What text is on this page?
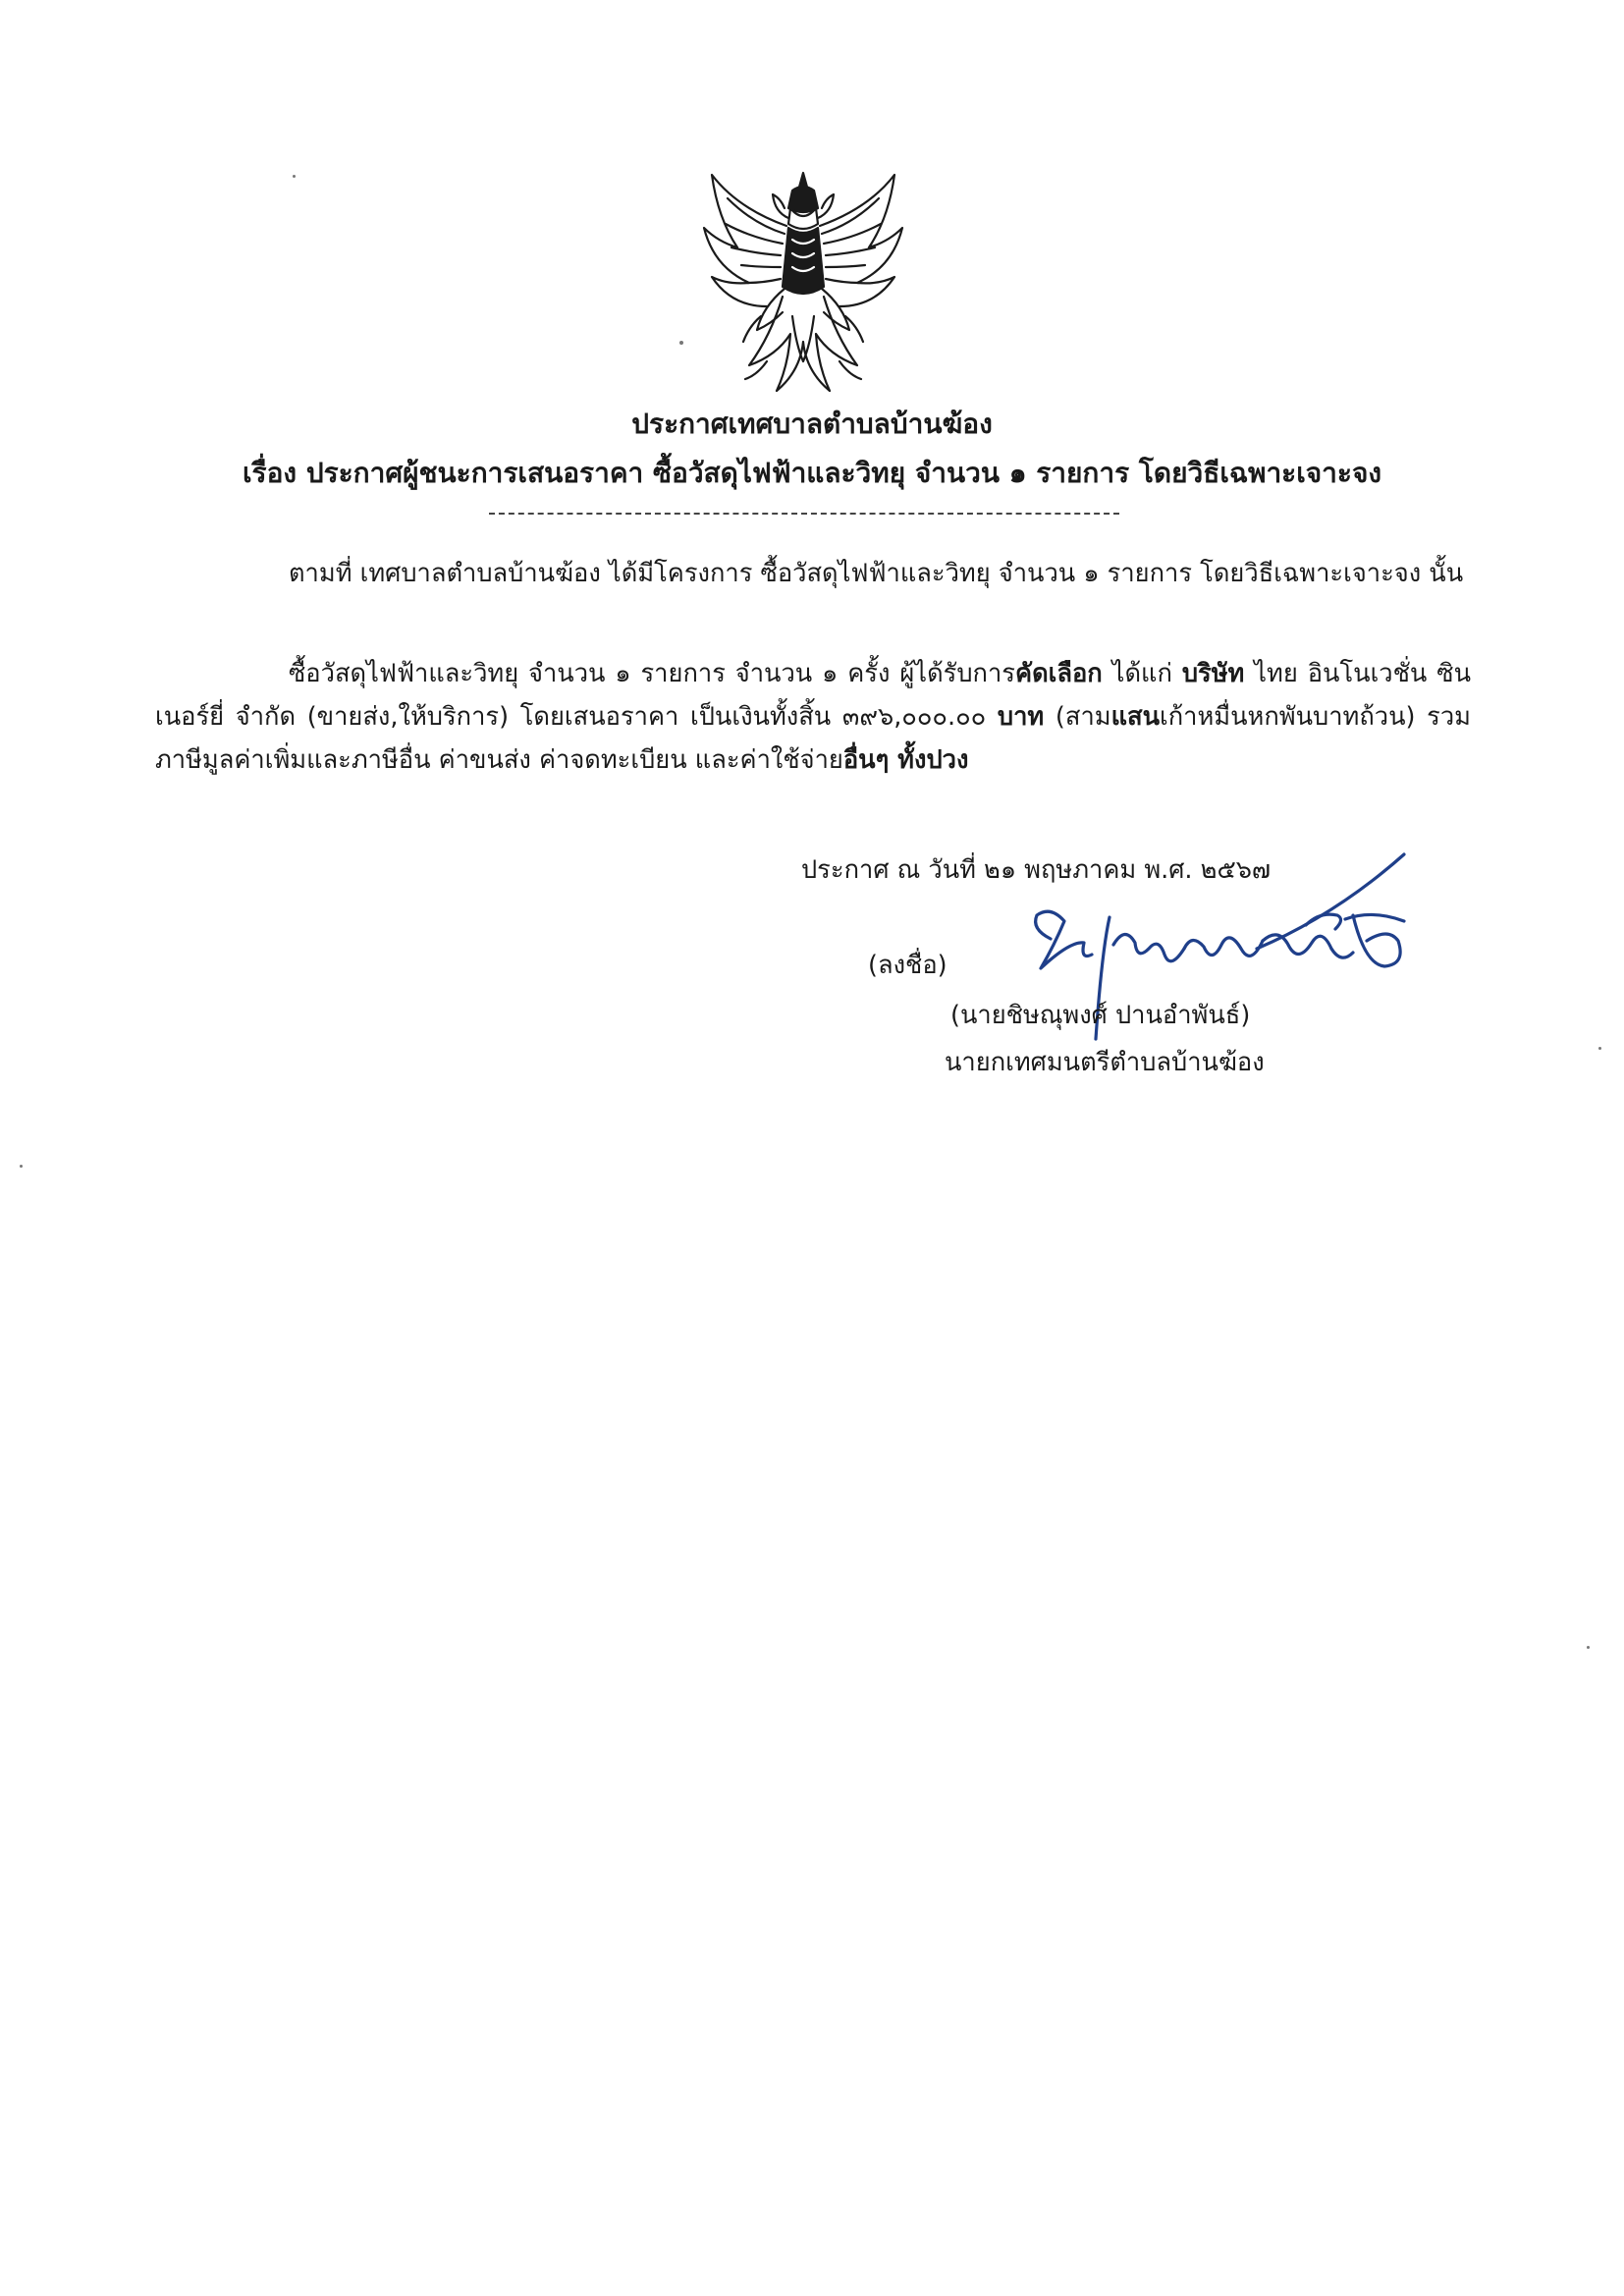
ประกาศเทศบาลตำบลบ้านฆ้อง
เรื่อง ประกาศผู้ชนะการเสนอราคา ซื้อวัสดุไฟฟ้าและวิทยุ จำนวน ๑ รายการ โดยวิธีเฉพาะเจาะจง

ตามที่ เทศบาลตำบลบ้านฆ้อง ได้มีโครงการ ซื้อวัสดุไฟฟ้าและวิทยุ จำนวน ๑ รายการ โดยวิธีเฉพาะเจาะจง นั้น

ซื้อวัสดุไฟฟ้าและวิทยุ จำนวน ๑ รายการ จำนวน ๑ ครั้ง ผู้ได้รับการคัดเลือก ได้แก่ บริษัท ไทย อินโนเวชั่น ซินเนอร์ยี่ จำกัด (ขายส่ง,ให้บริการ) โดยเสนอราคา เป็นเงินทั้งสิ้น ๓๙๖,๐๐๐.๐๐ บาท (สามแสนเก้าหมื่นหกพันบาทถ้วน) รวมภาษีมูลค่าเพิ่มและภาษีอื่น ค่าขนส่ง ค่าจดทะเบียน และค่าใช้จ่ายอื่นๆ ทั้งปวง

ประกาศ ณ วันที่ ๒๑ พฤษภาคม พ.ศ. ๒๕๖๗
(ลงชื่อ)
(นายชิษณุพงศ์ ปานอำพันธ์)
นายกเทศมนตรีตำบลบ้านฆ้อง
